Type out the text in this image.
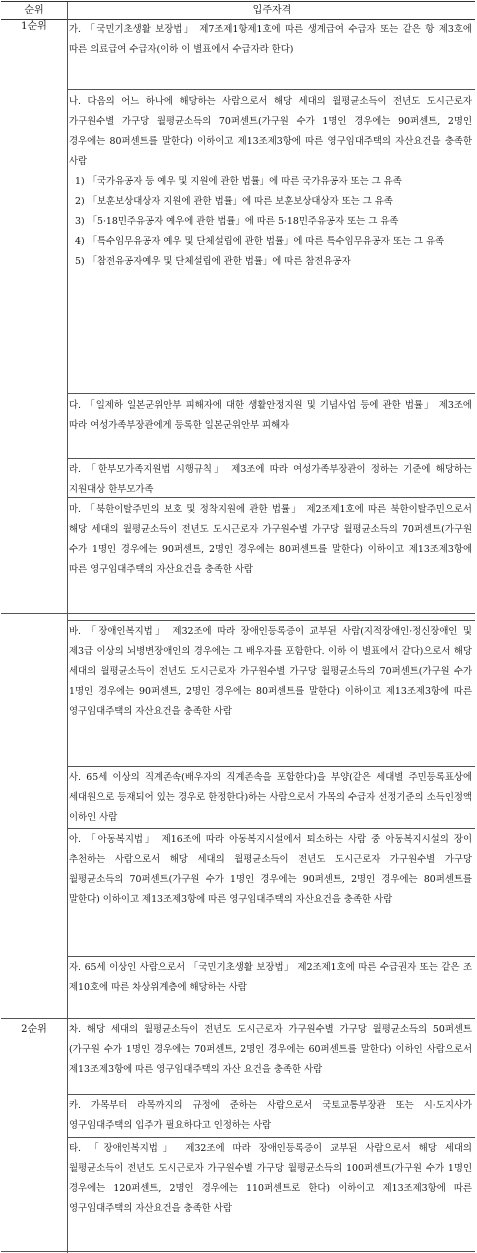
순위	입주자격
1순위
2순위
가. 「국민기초생활 보장법」 제7조제1항제1호에 따른 생계급여 수급자 또는 같은 항 제3호에 따른 의료급여 수급자(이하 이 별표에서 수급자라 한다)
나. 다음의 어느 하나에 해당하는 사람으로서 해당 세대의 월평균소득이 전년도 도시근로자 가구원수별 가구당 월평균소득의 70퍼센트(가구원 수가 1명인 경우에는 90퍼센트, 2명인 경우에는 80퍼센트를 말한다) 이하이고 제13조제3항에 따른 영구임대주택의 자산요건을 충족한 사람
1) 「국가유공자 등 예우 및 지원에 관한 법률」에 따른 국가유공자 또는 그 유족
2) 「보훈보상대상자 지원에 관한 법률」에 따른 보훈보상대상자 또는 그 유족
3) 「5·18민주유공자 예우에 관한 법률」에 따른 5·18민주유공자 또는 그 유족
4) 「특수임무유공자 예우 및 단체설립에 관한 법률」에 따른 특수임무유공자 또는 그 유족
5) 「참전유공자예우 및 단체설립에 관한 법률」에 따른 참전유공자
다. 「일제하 일본군위안부 피해자에 대한 생활안정지원 및 기념사업 등에 관한 법률」 제3조에 따라 여성가족부장관에게 등록한 일본군위안부 피해자
라. 「한부모가족지원법 시행규칙」 제3조에 따라 여성가족부장관이 정하는 기준에 해당하는 지원대상 한부모가족
마. 「북한이탈주민의 보호 및 정착지원에 관한 법률」 제2조제1호에 따른 북한이탈주민으로서 해당 세대의 월평균소득이 전년도 도시근로자 가구원수별 가구당 월평균소득의 70퍼센트(가구원 수가 1명인 경우에는 90퍼센트, 2명인 경우에는 80퍼센트를 말한다) 이하이고 제13조제3항에 따른 영구임대주택의 자산요건을 충족한 사람
바. 「장애인복지법」 제32조에 따라 장애인등록증이 교부된 사람(지적장애인·정신장애인 및 제3급 이상의 뇌병변장애인의 경우에는 그 배우자를 포함한다. 이하 이 별표에서 같다)으로서 해당 세대의 월평균소득이 전년도 도시근로자 가구원수별 가구당 월평균소득의 70퍼센트(가구원 수가 1명인 경우에는 90퍼센트, 2명인 경우에는 80퍼센트를 말한다) 이하이고 제13조제3항에 따른 영구임대주택의 자산요건을 충족한 사람
사. 65세 이상의 직계존속(배우자의 직계존속을 포함한다)을 부양(같은 세대별 주민등록표상에 세대원으로 등재되어 있는 경우로 한정한다)하는 사람으로서 가목의 수급자 선정기준의 소득인정액 이하인 사람
아. 「아동복지법」 제16조에 따라 아동복지시설에서 퇴소하는 사람 중 아동복지시설의 장이 추천하는 사람으로서 해당 세대의 월평균소득이 전년도 도시근로자 가구원수별 가구당 월평균소득의 70퍼센트(가구원 수가 1명인 경우에는 90퍼센트, 2명인 경우에는 80퍼센트를 말한다) 이하이고 제13조제3항에 따른 영구임대주택의 자산요건을 충족한 사람
자. 65세 이상인 사람으로서 「국민기초생활 보장법」 제2조제1호에 따른 수급권자 또는 같은 조 제10호에 따른 차상위계층에 해당하는 사람
차. 해당 세대의 월평균소득이 전년도 도시근로자 가구원수별 가구당 월평균소득의 50퍼센트(가구원 수가 1명인 경우에는 70퍼센트, 2명인 경우에는 60퍼센트를 말한다) 이하인 사람으로서 제13조제3항에 따른 영구임대주택의 자산 요건을 충족한 사람
카. 가목부터 라목까지의 규정에 준하는 사람으로서 국토교통부장관 또는 시·도지사가 영구임대주택의 입주가 필요하다고 인정하는 사람
타. 「장애인복지법」 제32조에 따라 장애인등록증이 교부된 사람으로서 해당 세대의 월평균소득이 전년도 도시근로자 가구원수별 가구당 월평균소득의 100퍼센트(가구원 수가 1명인 경우에는 120퍼센트, 2명인 경우에는 110퍼센트로 한다) 이하이고 제13조제3항에 따른 영구임대주택의 자산요건을 충족한 사람
